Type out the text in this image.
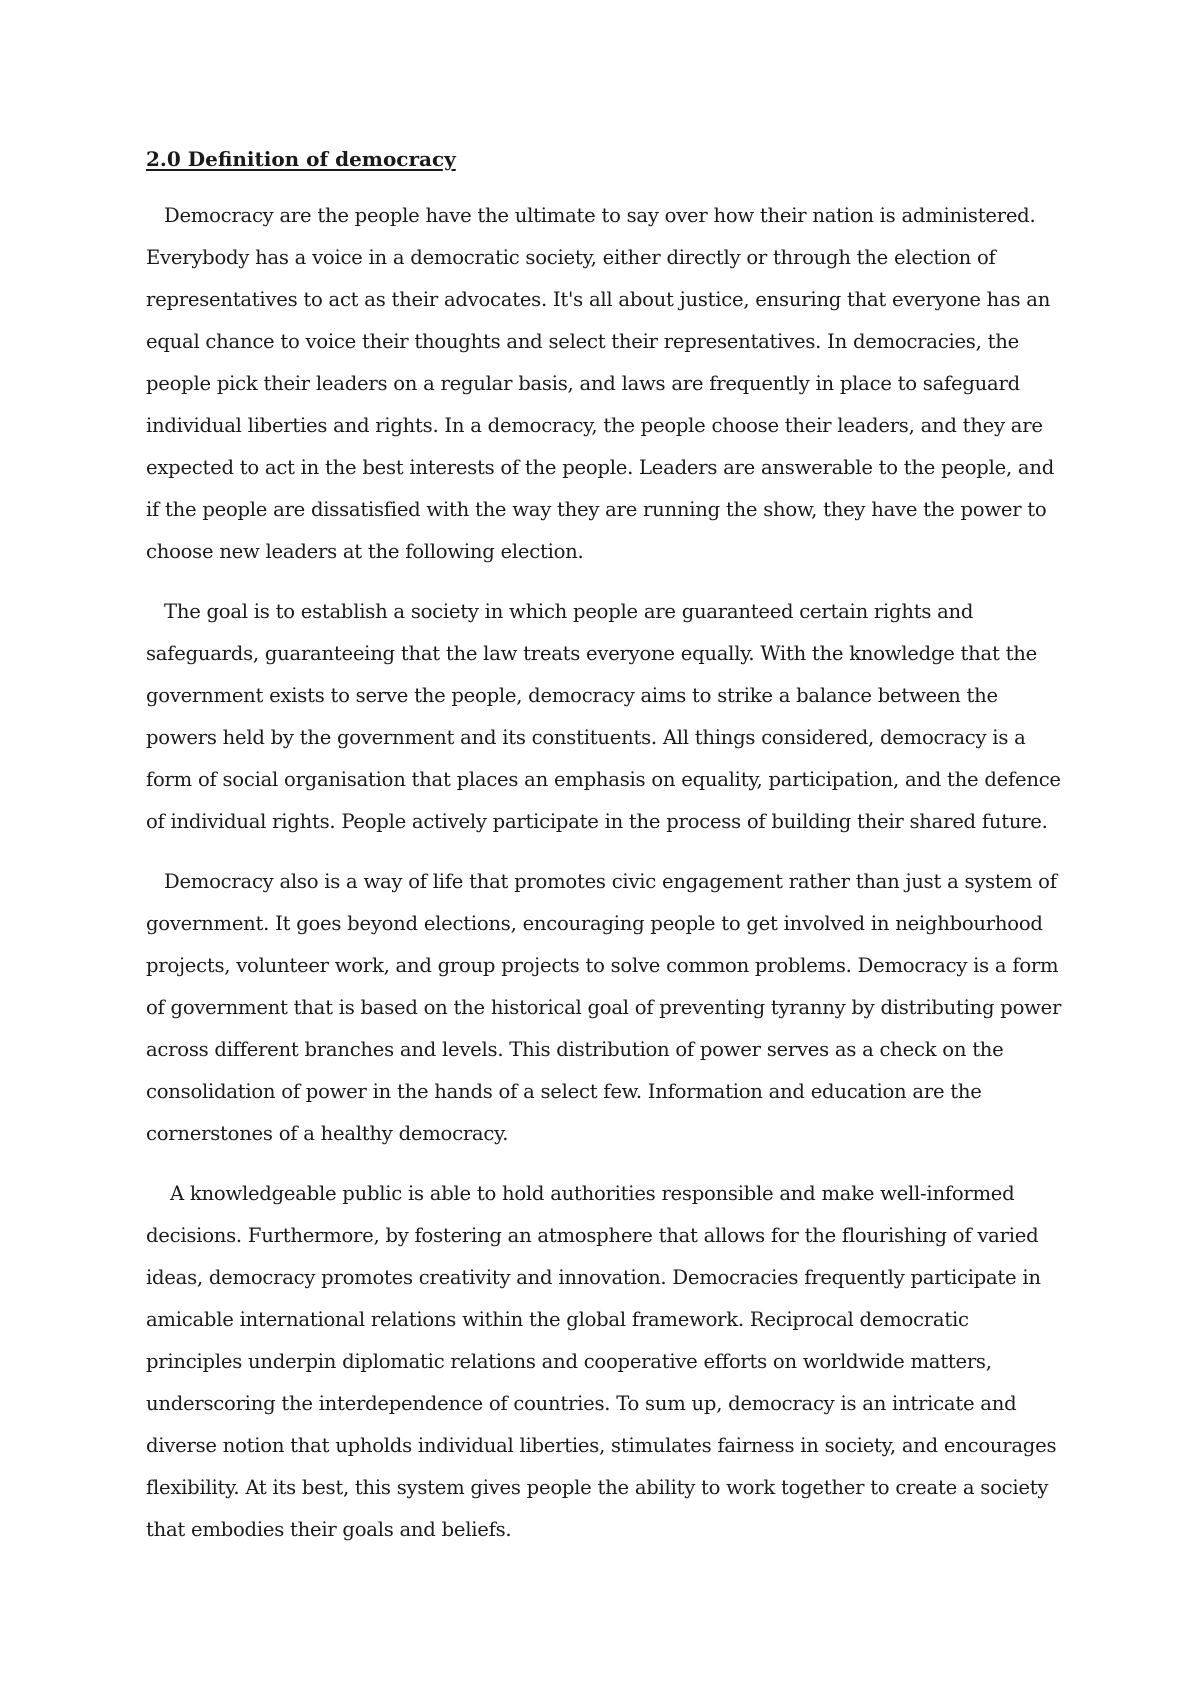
2.0 Definition of democracy

Democracy are the people have the ultimate to say over how their nation is administered. Everybody has a voice in a democratic society, either directly or through the election of representatives to act as their advocates. It's all about justice, ensuring that everyone has an equal chance to voice their thoughts and select their representatives. In democracies, the people pick their leaders on a regular basis, and laws are frequently in place to safeguard individual liberties and rights. In a democracy, the people choose their leaders, and they are expected to act in the best interests of the people. Leaders are answerable to the people, and if the people are dissatisfied with the way they are running the show, they have the power to choose new leaders at the following election.

The goal is to establish a society in which people are guaranteed certain rights and safeguards, guaranteeing that the law treats everyone equally. With the knowledge that the government exists to serve the people, democracy aims to strike a balance between the powers held by the government and its constituents. All things considered, democracy is a form of social organisation that places an emphasis on equality, participation, and the defence of individual rights. People actively participate in the process of building their shared future.

Democracy also is a way of life that promotes civic engagement rather than just a system of government. It goes beyond elections, encouraging people to get involved in neighbourhood projects, volunteer work, and group projects to solve common problems. Democracy is a form of government that is based on the historical goal of preventing tyranny by distributing power across different branches and levels. This distribution of power serves as a check on the consolidation of power in the hands of a select few. Information and education are the cornerstones of a healthy democracy.

A knowledgeable public is able to hold authorities responsible and make well-informed decisions. Furthermore, by fostering an atmosphere that allows for the flourishing of varied ideas, democracy promotes creativity and innovation. Democracies frequently participate in amicable international relations within the global framework. Reciprocal democratic principles underpin diplomatic relations and cooperative efforts on worldwide matters, underscoring the interdependence of countries. To sum up, democracy is an intricate and diverse notion that upholds individual liberties, stimulates fairness in society, and encourages flexibility. At its best, this system gives people the ability to work together to create a society that embodies their goals and beliefs.
